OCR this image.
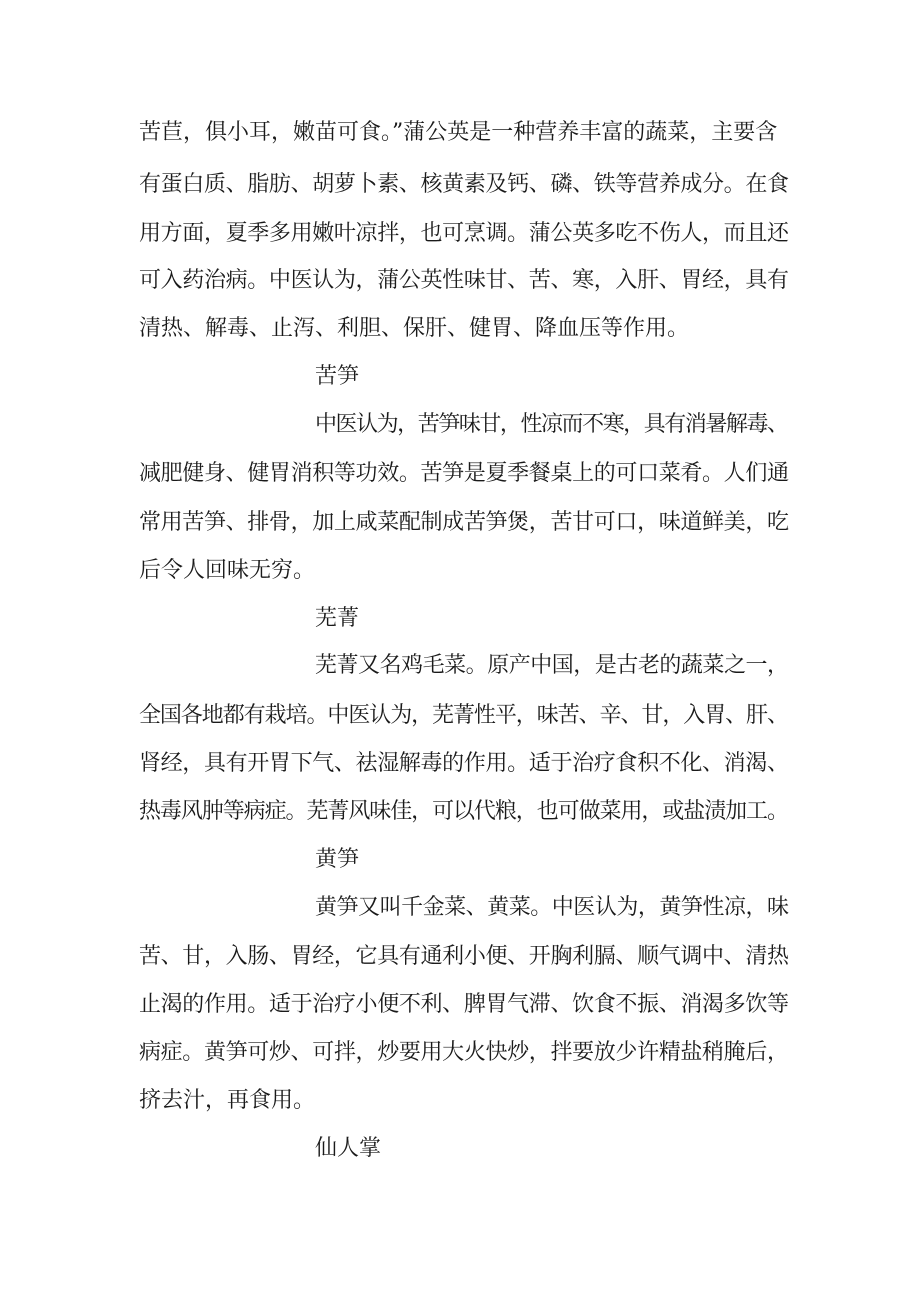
苦苣，俱小耳，嫩苗可食。”蒲公英是一种营养丰富的蔬菜，主要含
有蛋白质、脂肪、胡萝卜素、核黄素及钙、磷、铁等营养成分。在食
用方面，夏季多用嫩叶凉拌，也可烹调。蒲公英多吃不伤人，而且还
可入药治病。中医认为，蒲公英性味甘、苦、寒，入肝、胃经，具有
清热、解毒、止泻、利胆、保肝、健胃、降血压等作用。
苦笋
中医认为，苦笋味甘，性凉而不寒，具有消暑解毒、
减肥健身、健胃消积等功效。苦笋是夏季餐桌上的可口菜肴。人们通
常用苦笋、排骨，加上咸菜配制成苦笋煲，苦甘可口，味道鲜美，吃
后令人回味无穷。
芜菁
芜菁又名鸡毛菜。原产中国，是古老的蔬菜之一，
全国各地都有栽培。中医认为，芜菁性平，味苦、辛、甘，入胃、肝、
肾经，具有开胃下气、祛湿解毒的作用。适于治疗食积不化、消渴、
热毒风肿等病症。芜菁风味佳，可以代粮，也可做菜用，或盐渍加工。
黄笋
黄笋又叫千金菜、黄菜。中医认为，黄笋性凉，味
苦、甘，入肠、胃经，它具有通利小便、开胸利膈、顺气调中、清热
止渴的作用。适于治疗小便不利、脾胃气滞、饮食不振、消渴多饮等
病症。黄笋可炒、可拌，炒要用大火快炒，拌要放少许精盐稍腌后，
挤去汁，再食用。
仙人掌
